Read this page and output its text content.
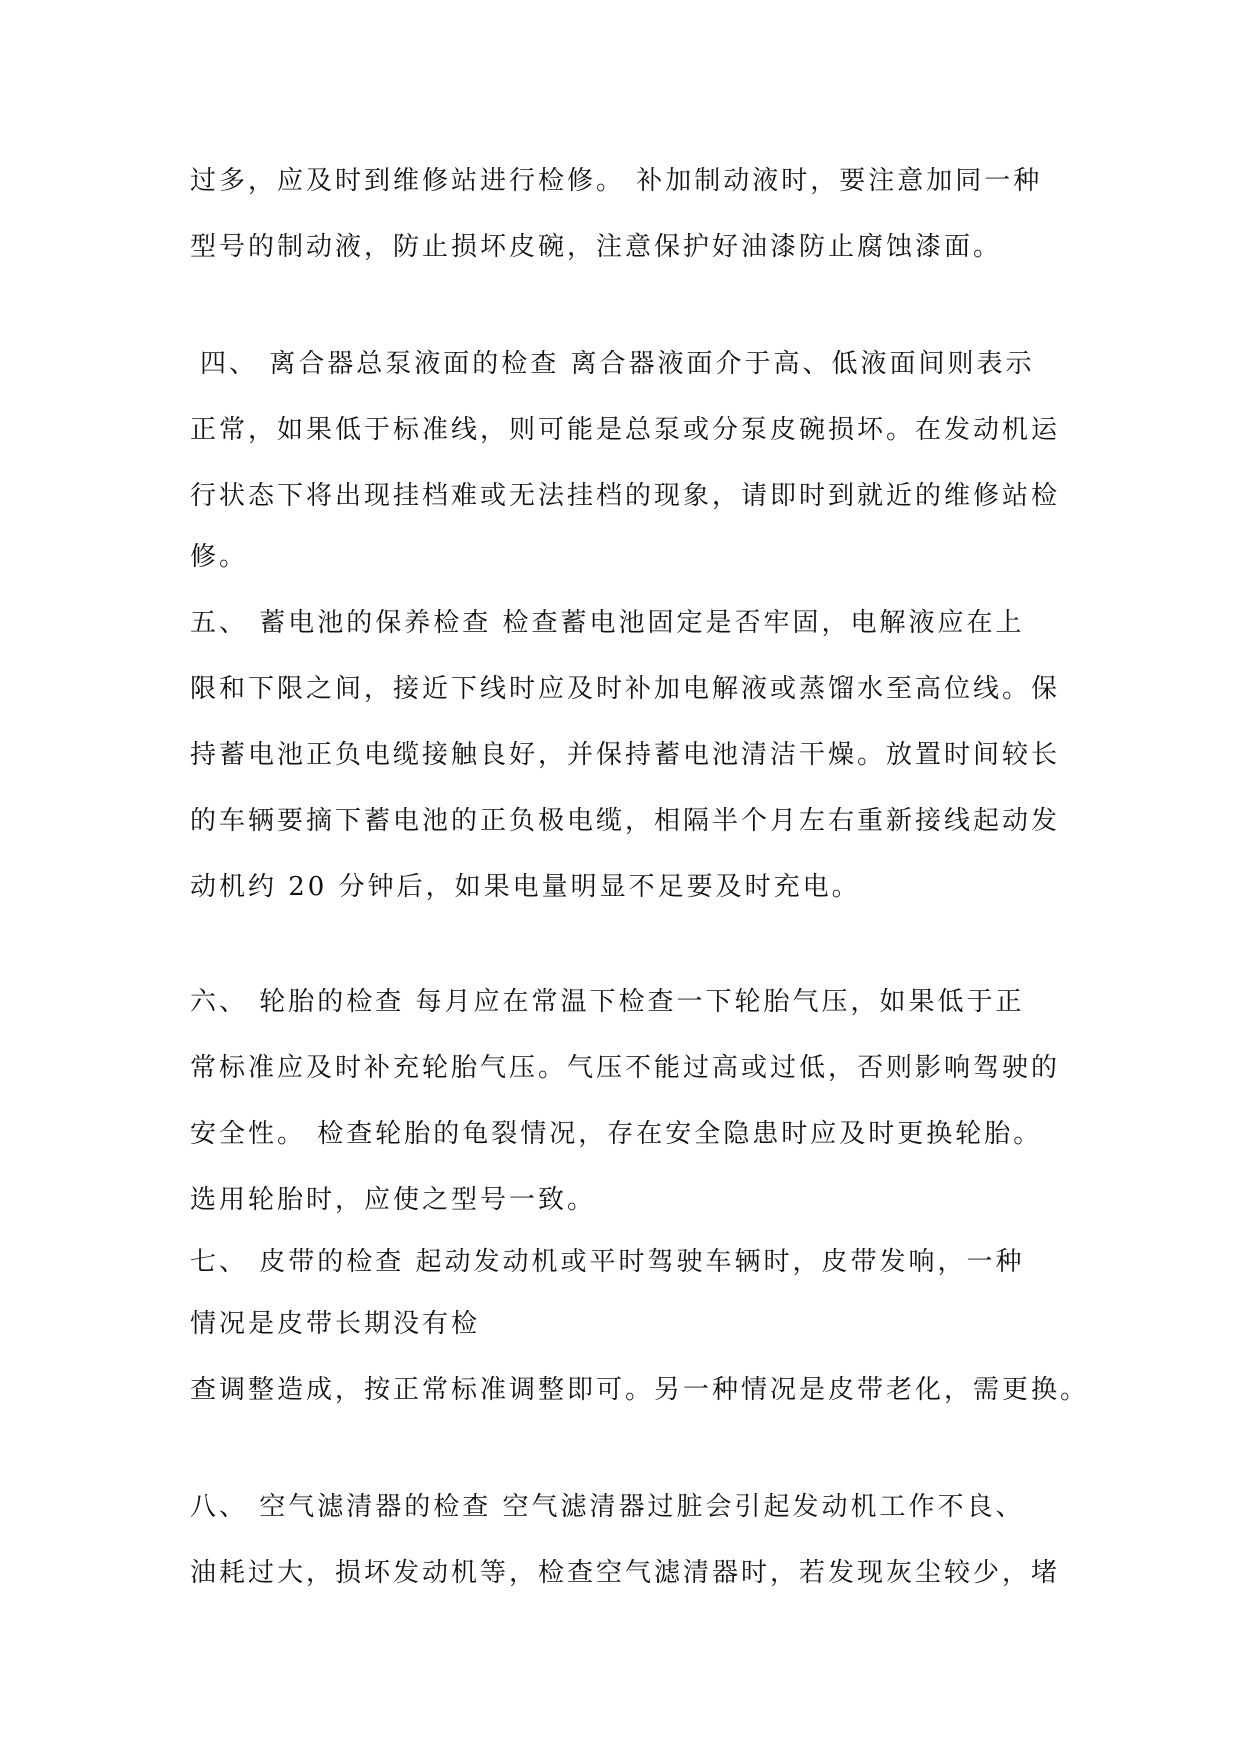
过多，应及时到维修站进行检修。 补加制动液时，要注意加同一种
型号的制动液，防止损坏皮碗，注意保护好油漆防止腐蚀漆面。
四、 离合器总泵液面的检查 离合器液面介于高、低液面间则表示
正常，如果低于标准线，则可能是总泵或分泵皮碗损坏。在发动机运
行状态下将出现挂档难或无法挂档的现象，请即时到就近的维修站检
修。
五、 蓄电池的保养检查 检查蓄电池固定是否牢固，电解液应在上
限和下限之间，接近下线时应及时补加电解液或蒸馏水至高位线。保
持蓄电池正负电缆接触良好，并保持蓄电池清洁干燥。放置时间较长
的车辆要摘下蓄电池的正负极电缆，相隔半个月左右重新接线起动发
动机约 20 分钟后，如果电量明显不足要及时充电。
六、 轮胎的检查 每月应在常温下检查一下轮胎气压，如果低于正
常标准应及时补充轮胎气压。气压不能过高或过低，否则影响驾驶的
安全性。 检查轮胎的龟裂情况，存在安全隐患时应及时更换轮胎。
选用轮胎时，应使之型号一致。
七、 皮带的检查 起动发动机或平时驾驶车辆时，皮带发响，一种
情况是皮带长期没有检
查调整造成，按正常标准调整即可。另一种情况是皮带老化，需更换。
八、 空气滤清器的检查 空气滤清器过脏会引起发动机工作不良、
油耗过大，损坏发动机等，检查空气滤清器时，若发现灰尘较少，堵
